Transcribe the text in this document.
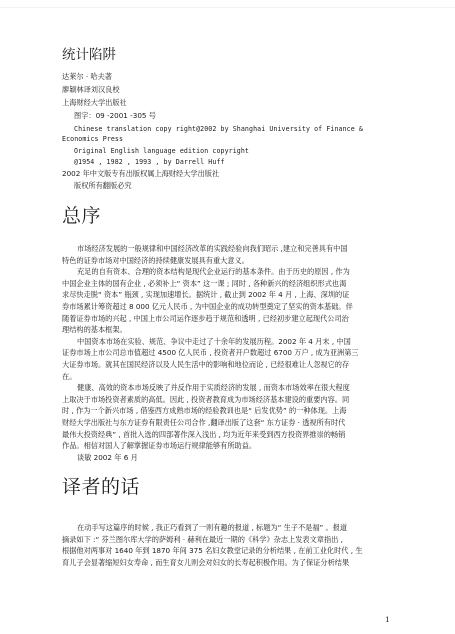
统计陷阱
达莱尔 · 哈夫著
廖颖林译刘汉良校
上海财经大学出版社
图字：09 -2001 -305 号
Chinese translation copy right@2002 by Shanghai University of Finance &
Economics Press
Original English language edition copyright
@1954 , 1982 , 1993 , by Darrell Huff
2002 年中文版专有出版权属上海财经大学出版社
版权所有翻版必究
总序
市场经济发展的一般规律和中国经济改革的实践经验向我们昭示 ,建立和完善具有中国
特色的证券市场对中国经济的持续健康发展具有重大意义。
充足的自有资本、合理的资本结构是现代企业运行的基本条件。由于历史的原因 , 作为
中国企业主体的国有企业 , 必须补上“ 资本” 这一课 ; 同时 , 各种新兴的经济组织形式也渴
求尽快走脱“ 资本” 瓶颈 , 实现加速增长。据统计 , 截止到 2002 年 4 月 , 上海、深圳的证
券市场累计筹资超过 8 000 亿元人民币 , 为中国企业的成功转型奠定了坚实的资本基础。伴
随着证券市场的兴起 , 中国上市公司运作逐步趋于规范和透明 , 已经初步建立起现代公司治
理结构的基本框架。
中国资本市场在实验、规范、争议中走过了十余年的发展历程。2002 年 4 月末 , 中国
证券市场上市公司总市值超过 4500 亿人民币 , 投资者开户数超过 6700 万户 , 成为亚洲第三
大证券市场。就其在国民经济以及人民生活中的影响和地位而论 , 已经很难让人忽视它的存
在。
健康、高效的资本市场反映了并反作用于实质经济的发展 , 而资本市场效率在很大程度
上取决于市场投资者素质的高低。因此 , 投资者教育成为市场经济基本建设的重要内容。同
时 , 作为一个新兴市场 , 借鉴西方成熟市场的经验教训也是“ 后发优势” 的一种体现。上海
财经大学出版社与东方证券有限责任公司合作 ,翻译出版了这套“ 东方证券 · 透视所有时代
最伟大投资经典” , 首批入选的四部著作深入浅出 , 均为近年来受到西方投资界推崇的畅销
作品。相信对国人了解掌握证券市场运行规律能够有所助益。
谈敏 2002 年 6 月
译者的话
在动手写这篇序的时候 , 我正巧看到了一则有趣的报道 , 标题为“ 生子不是福” 。报道
摘录如下 :“ 芬兰图尔库大学的萨姆利 · 赫利在最近一期的《科学》杂志上发表文章指出 ,
根据他对两事对 1640 年到 1870 年间 375 名妇女教堂记录的分析结果 , 在前工业化时代 , 生
育儿子会显著缩短妇女寿命 , 而生育女儿则会对妇女的长寿起积极作用。为了保证分析结果
1
